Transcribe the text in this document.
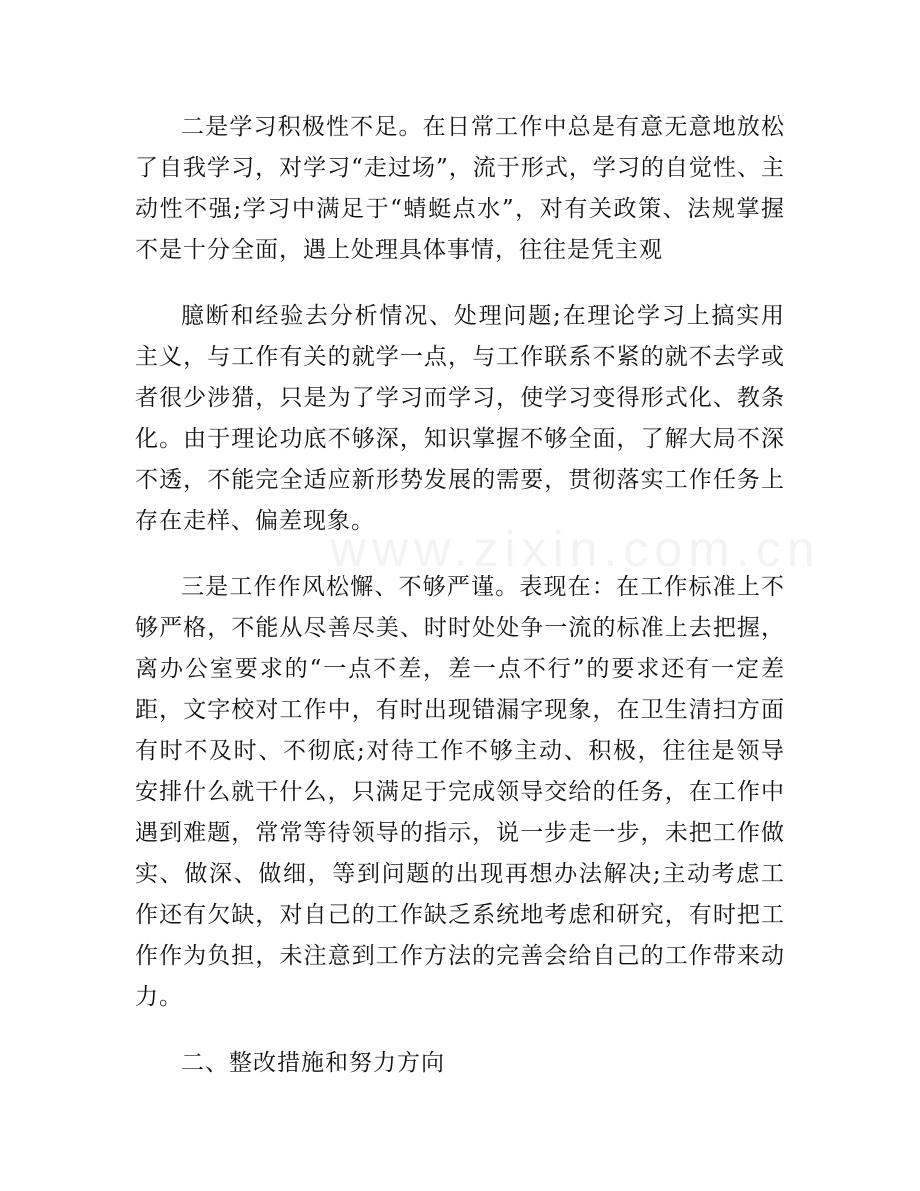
二是学习积极性不足。在日常工作中总是有意无意地放松了自我学习，对学习“走过场”，流于形式，学习的自觉性、主动性不强;学习中满足于“蜻蜓点水”，对有关政策、法规掌握不是十分全面，遇上处理具体事情，往往是凭主观

臆断和经验去分析情况、处理问题;在理论学习上搞实用主义，与工作有关的就学一点，与工作联系不紧的就不去学或者很少涉猎，只是为了学习而学习，使学习变得形式化、教条化。由于理论功底不够深，知识掌握不够全面，了解大局不深不透，不能完全适应新形势发展的需要，贯彻落实工作任务上存在走样、偏差现象。

三是工作作风松懈、不够严谨。表现在：在工作标准上不够严格，不能从尽善尽美、时时处处争一流的标准上去把握，离办公室要求的“一点不差，差一点不行”的要求还有一定差距，文字校对工作中，有时出现错漏字现象，在卫生清扫方面有时不及时、不彻底;对待工作不够主动、积极，往往是领导安排什么就干什么，只满足于完成领导交给的任务，在工作中遇到难题，常常等待领导的指示，说一步走一步，未把工作做实、做深、做细，等到问题的出现再想办法解决;主动考虑工作还有欠缺，对自己的工作缺乏系统地考虑和研究，有时把工作作为负担，未注意到工作方法的完善会给自己的工作带来动力。

二、整改措施和努力方向

www.zixin.com.cn
